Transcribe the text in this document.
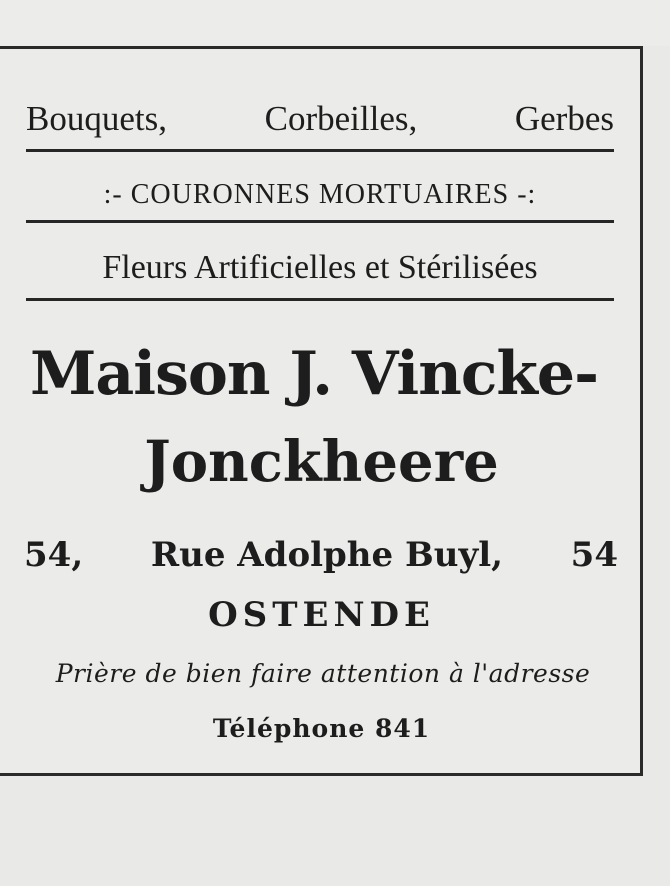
Bouquets,	Corbeilles,	Gerbes
:- COURONNES MORTUAIRES -:
Fleurs Artificielles et Stérilisées
Maison J. Vincke-
Jonckheere
54, Rue Adolphe Buyl, 54
OSTENDE
Prière de bien faire attention à l'adresse
Téléphone 841
